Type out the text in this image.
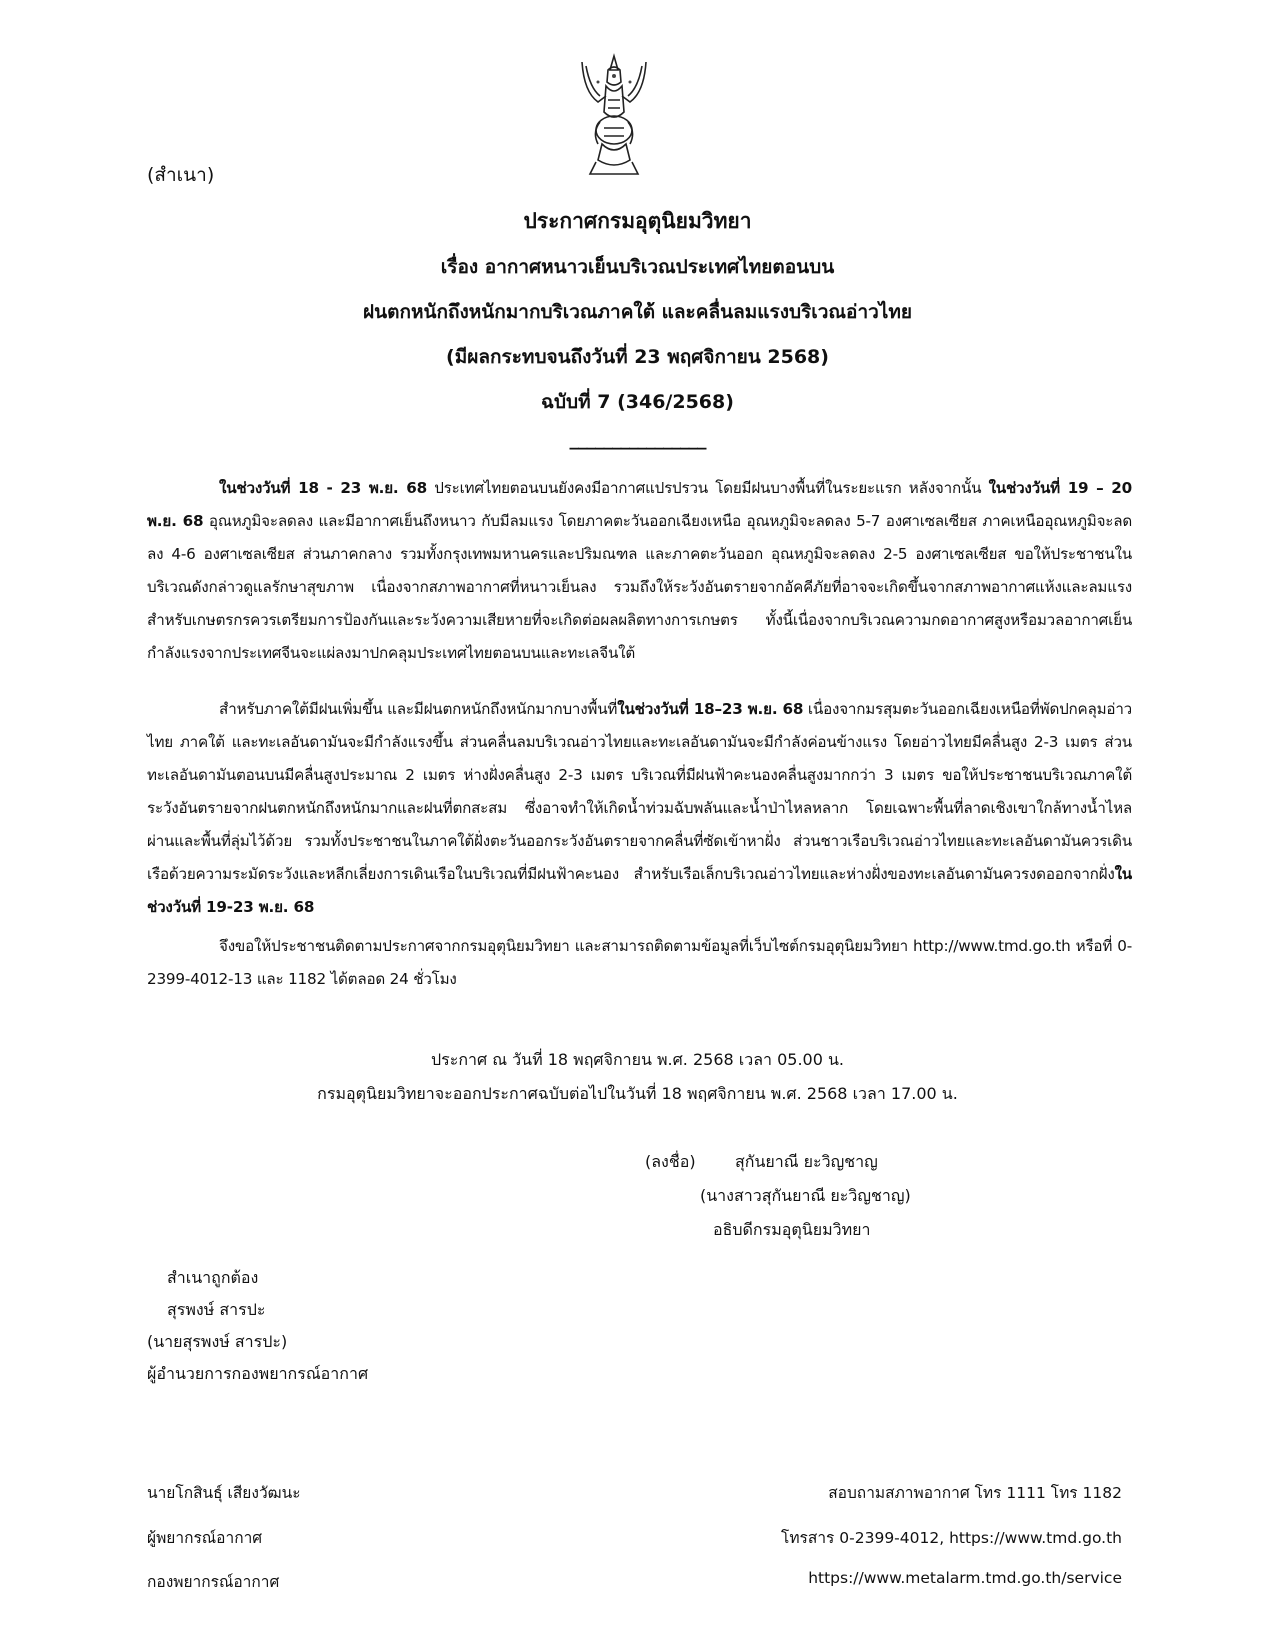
(สำเนา)
ประกาศกรมอุตุนิยมวิทยา
เรื่อง อากาศหนาวเย็นบริเวณประเทศไทยตอนบน
ฝนตกหนักถึงหนักมากบริเวณภาคใต้ และคลื่นลมแรงบริเวณอ่าวไทย
(มีผลกระทบจนถึงวันที่ 23 พฤศจิกายน 2568)
ฉบับที่ 7 (346/2568)
________________
ในช่วงวันที่ 18 - 23 พ.ย. 68 ประเทศไทยตอนบนยังคงมีอากาศแปรปรวน โดยมีฝนบางพื้นที่ในระยะแรก หลังจากนั้น ในช่วงวันที่ 19 – 20 พ.ย. 68 อุณหภูมิจะลดลง และมีอากาศเย็นถึงหนาว กับมีลมแรง โดยภาคตะวันออกเฉียงเหนือ อุณหภูมิจะลดลง 5-7 องศาเซลเซียส ภาคเหนืออุณหภูมิจะลดลง 4-6 องศาเซลเซียส ส่วนภาคกลาง รวมทั้งกรุงเทพมหานครและปริมณฑล และภาคตะวันออก อุณหภูมิจะลดลง 2-5 องศาเซลเซียส ขอให้ประชาชนในบริเวณดังกล่าวดูแลรักษาสุขภาพ เนื่องจากสภาพอากาศที่หนาวเย็นลง รวมถึงให้ระวังอันตรายจากอัคคีภัยที่อาจจะเกิดขึ้นจากสภาพอากาศแห้งและลมแรง สำหรับเกษตรกรควรเตรียมการป้องกันและระวังความเสียหายที่จะเกิดต่อผลผลิตทางการเกษตร ทั้งนี้เนื่องจากบริเวณความกดอากาศสูงหรือมวลอากาศเย็นกำลังแรงจากประเทศจีนจะแผ่ลงมาปกคลุมประเทศไทยตอนบนและทะเลจีนใต้
สำหรับภาคใต้มีฝนเพิ่มขึ้น และมีฝนตกหนักถึงหนักมากบางพื้นที่ในช่วงวันที่ 18–23 พ.ย. 68 เนื่องจากมรสุมตะวันออกเฉียงเหนือที่พัดปกคลุมอ่าวไทย ภาคใต้ และทะเลอันดามันจะมีกำลังแรงขึ้น ส่วนคลื่นลมบริเวณอ่าวไทยและทะเลอันดามันจะมีกำลังค่อนข้างแรง โดยอ่าวไทยมีคลื่นสูง 2-3 เมตร ส่วนทะเลอันดามันตอนบนมีคลื่นสูงประมาณ 2 เมตร ห่างฝั่งคลื่นสูง 2-3 เมตร บริเวณที่มีฝนฟ้าคะนองคลื่นสูงมากกว่า 3 เมตร ขอให้ประชาชนบริเวณภาคใต้ ระวังอันตรายจากฝนตกหนักถึงหนักมากและฝนที่ตกสะสม ซึ่งอาจทำให้เกิดน้ำท่วมฉับพลันและน้ำป่าไหลหลาก โดยเฉพาะพื้นที่ลาดเชิงเขาใกล้ทางน้ำไหลผ่านและพื้นที่ลุ่มไว้ด้วย รวมทั้งประชาชนในภาคใต้ฝั่งตะวันออกระวังอันตรายจากคลื่นที่ซัดเข้าหาฝั่ง ส่วนชาวเรือบริเวณอ่าวไทยและทะเลอันดามันควรเดินเรือด้วยความระมัดระวังและหลีกเลี่ยงการเดินเรือในบริเวณที่มีฝนฟ้าคะนอง สำหรับเรือเล็กบริเวณอ่าวไทยและห่างฝั่งของทะเลอันดามันควรงดออกจากฝั่งในช่วงวันที่ 19-23 พ.ย. 68
จึงขอให้ประชาชนติดตามประกาศจากกรมอุตุนิยมวิทยา และสามารถติดตามข้อมูลที่เว็บไซต์กรมอุตุนิยมวิทยา http://www.tmd.go.th หรือที่ 0-2399-4012-13 และ 1182 ได้ตลอด 24 ชั่วโมง
ประกาศ ณ วันที่ 18 พฤศจิกายน พ.ศ. 2568 เวลา 05.00 น.
กรมอุตุนิยมวิทยาจะออกประกาศฉบับต่อไปในวันที่ 18 พฤศจิกายน พ.ศ. 2568 เวลา 17.00 น.
(ลงชื่อ) สุกันยาณี ยะวิญชาญ
(นางสาวสุกันยาณี ยะวิญชาญ)
อธิบดีกรมอุตุนิยมวิทยา
สำเนาถูกต้อง
สุรพงษ์ สารปะ
(นายสุรพงษ์ สารปะ)
ผู้อำนวยการกองพยากรณ์อากาศ
นายโกสินธุ์ เสียงวัฒนะ
ผู้พยากรณ์อากาศ
กองพยากรณ์อากาศ
สอบถามสภาพอากาศ โทร 1111 โทร 1182
โทรสาร 0-2399-4012, https://www.tmd.go.th
https://www.metalarm.tmd.go.th/service
